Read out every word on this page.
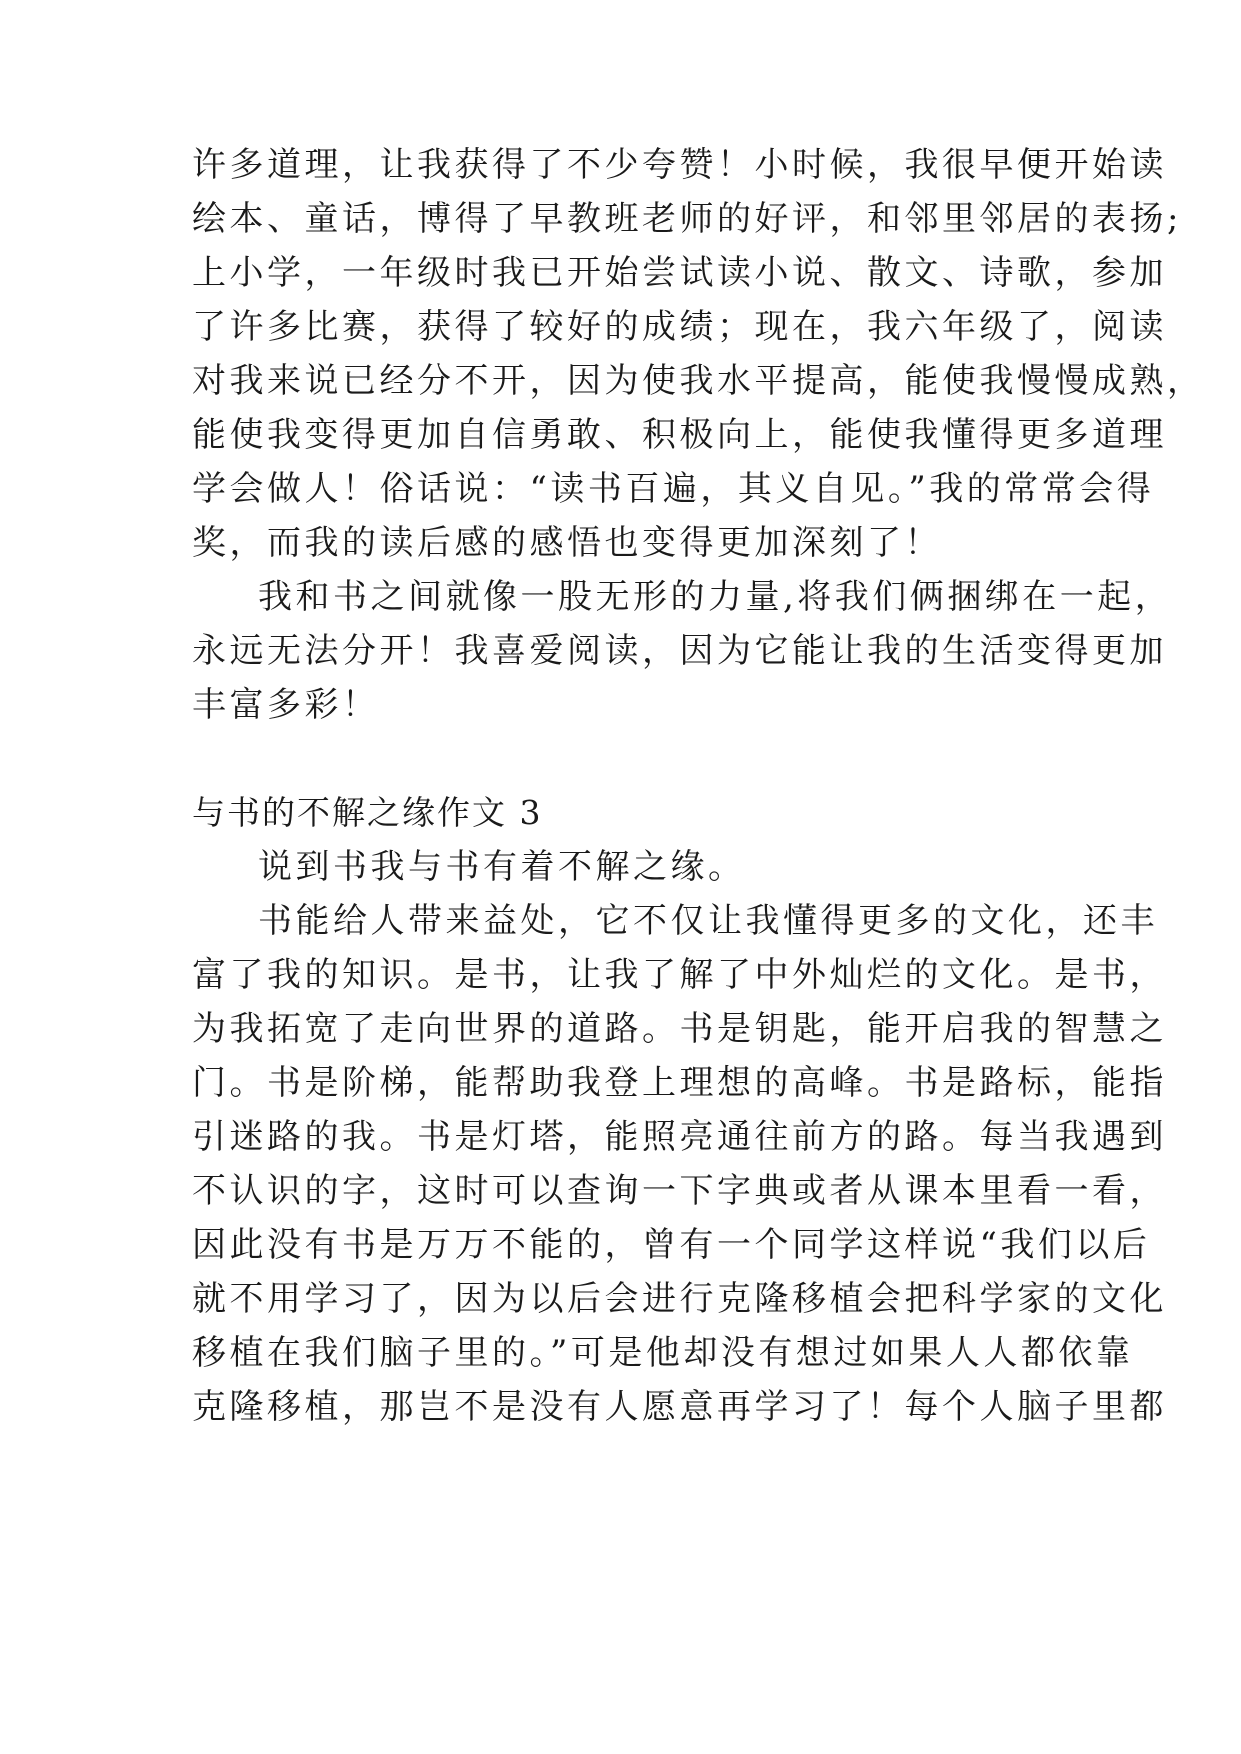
许多道理，让我获得了不少夸赞！小时候，我很早便开始读
绘本、童话，博得了早教班老师的好评，和邻里邻居的表扬;
上小学，一年级时我已开始尝试读小说、散文、诗歌，参加
了许多比赛，获得了较好的成绩；现在，我六年级了，阅读
对我来说已经分不开，因为使我水平提高，能使我慢慢成熟，
能使我变得更加自信勇敢、积极向上，能使我懂得更多道理
学会做人！俗话说：“读书百遍，其义自见。”我的常常会得
奖，而我的读后感的感悟也变得更加深刻了！
我和书之间就像一股无形的力量,将我们俩捆绑在一起，
永远无法分开！我喜爱阅读，因为它能让我的生活变得更加
丰富多彩！
与书的不解之缘作文 3
说到书我与书有着不解之缘。
书能给人带来益处，它不仅让我懂得更多的文化，还丰
富了我的知识。是书，让我了解了中外灿烂的文化。是书，
为我拓宽了走向世界的道路。书是钥匙，能开启我的智慧之
门。书是阶梯，能帮助我登上理想的高峰。书是路标，能指
引迷路的我。书是灯塔，能照亮通往前方的路。每当我遇到
不认识的字，这时可以查询一下字典或者从课本里看一看，
因此没有书是万万不能的，曾有一个同学这样说“我们以后
就不用学习了，因为以后会进行克隆移植会把科学家的文化
移植在我们脑子里的。”可是他却没有想过如果人人都依靠
克隆移植，那岂不是没有人愿意再学习了！每个人脑子里都
